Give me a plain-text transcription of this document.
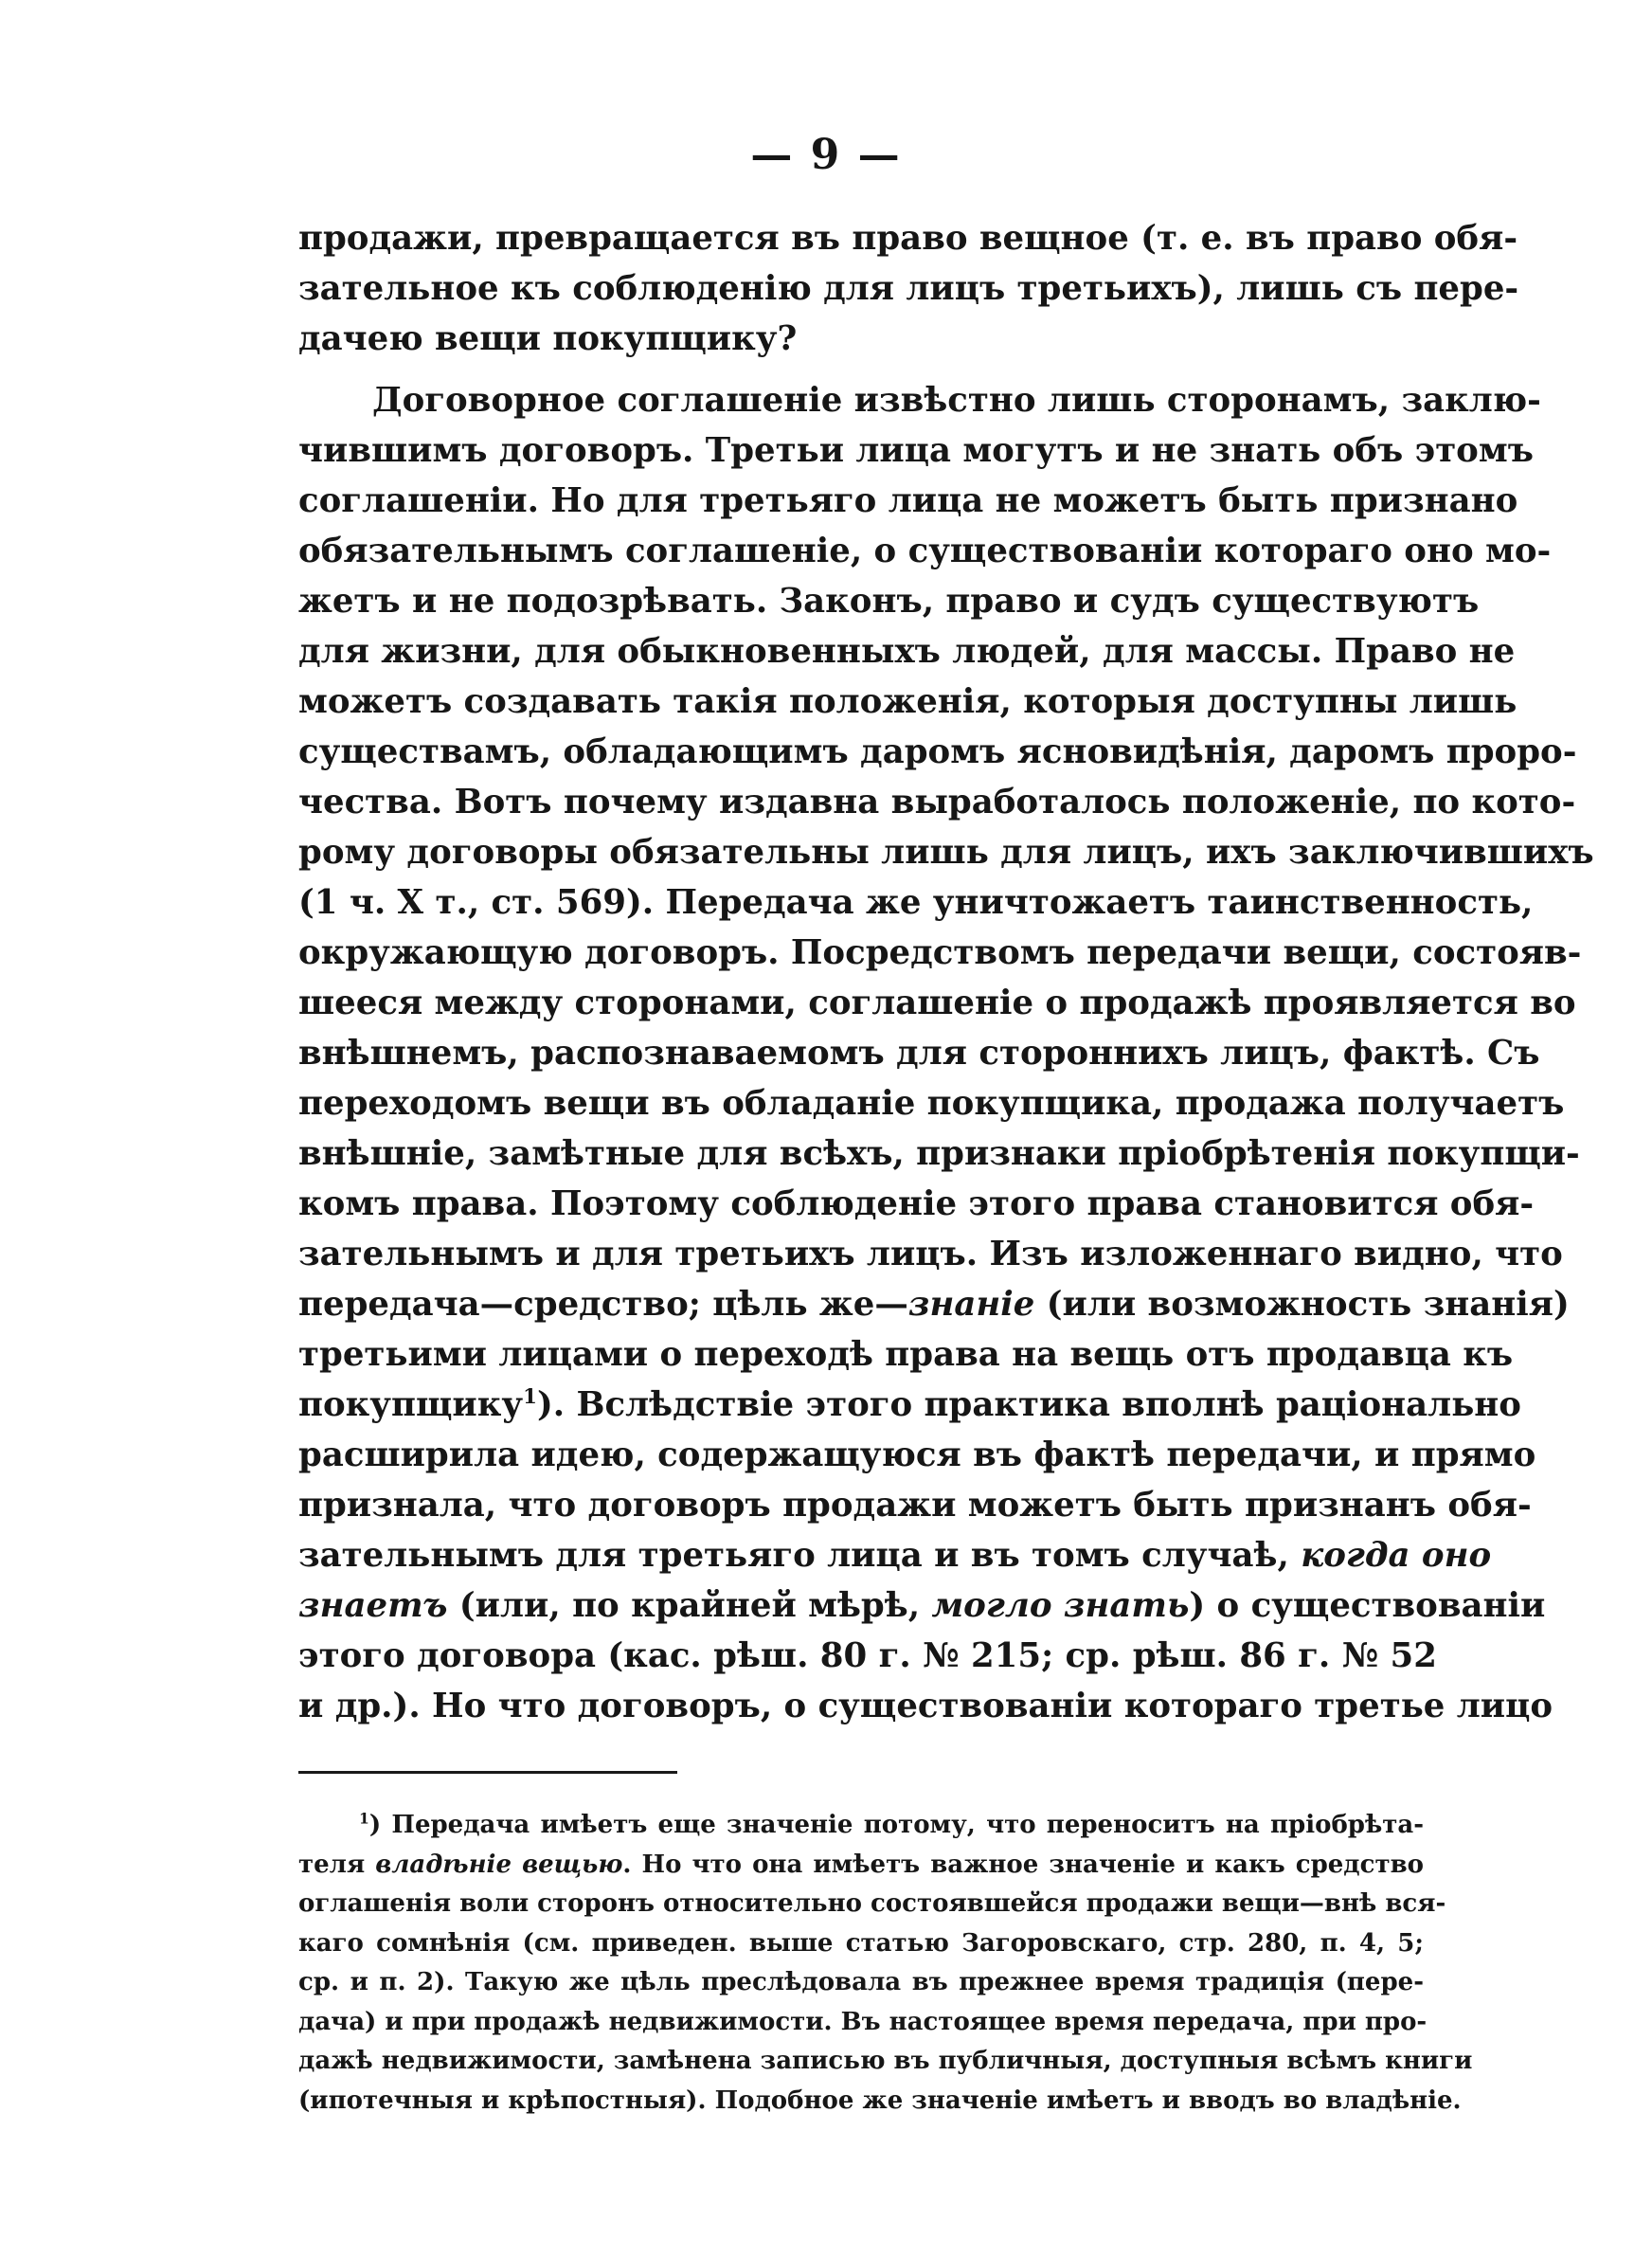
— 9 —
продажи, превращается въ право вещное (т. е. въ право обя-
зательное къ соблюденію для лицъ третьихъ), лишь съ пере-
дачею вещи покупщику?
Договорное соглашеніе извѣстно лишь сторонамъ, заклю-
чившимъ договоръ. Третьи лица могутъ и не знать объ этомъ
соглашеніи. Но для третьяго лица не можетъ быть признано
обязательнымъ соглашеніе, о существованіи котораго оно мо-
жетъ и не подозрѣвать. Законъ, право и судъ существуютъ
для жизни, для обыкновенныхъ людей, для массы. Право не
можетъ создавать такія положенія, которыя доступны лишь
существамъ, обладающимъ даромъ ясновидѣнія, даромъ проро-
чества. Вотъ почему издавна выработалось положеніе, по кото-
рому договоры обязательны лишь для лицъ, ихъ заключившихъ
(1 ч. X т., ст. 569). Передача же уничтожаетъ таинственность,
окружающую договоръ. Посредствомъ передачи вещи, состояв-
шееся между сторонами, соглашеніе о продажѣ проявляется во
внѣшнемъ, распознаваемомъ для стороннихъ лицъ, фактѣ. Съ
переходомъ вещи въ обладаніе покупщика, продажа получаетъ
внѣшніе, замѣтные для всѣхъ, признаки пріобрѣтенія покупщи-
комъ права. Поэтому соблюденіе этого права становится обя-
зательнымъ и для третьихъ лицъ. Изъ изложеннаго видно, что
передача—средство; цѣль же—знаніе (или возможность знанія)
третьими лицами о переходѣ права на вещь отъ продавца къ
покупщику$^1$). Вслѣдствіе этого практика вполнѣ раціонально
расширила идею, содержащуюся въ фактѣ передачи, и прямо
признала, что договоръ продажи можетъ быть признанъ обя-
зательнымъ для третьяго лица и въ томъ случаѣ, когда оно
знаетъ (или, по крайней мѣрѣ, могло знать) о существованіи
этого договора (кас. рѣш. 80 г. № 215; ср. рѣш. 86 г. № 52
и др.). Но что договоръ, о существованіи котораго третье лицо
$^1$) Передача имѣетъ еще значеніе потому, что переноситъ на пріобрѣта-
теля владѣніе вещью. Но что она имѣетъ важное значеніе и какъ средство
оглашенія воли сторонъ относительно состоявшейся продажи вещи—внѣ вся-
каго сомнѣнія (см. приведен. выше статью Загоровскаго, стр. 280, п. 4, 5;
ср. и п. 2). Такую же цѣль преслѣдовала въ прежнее время традиція (пере-
дача) и при продажѣ недвижимости. Въ настоящее время передача, при про-
дажѣ недвижимости, замѣнена записью въ публичныя, доступныя всѣмъ книги
(ипотечныя и крѣпостныя). Подобное же значеніе имѣетъ и вводъ во владѣніе.
